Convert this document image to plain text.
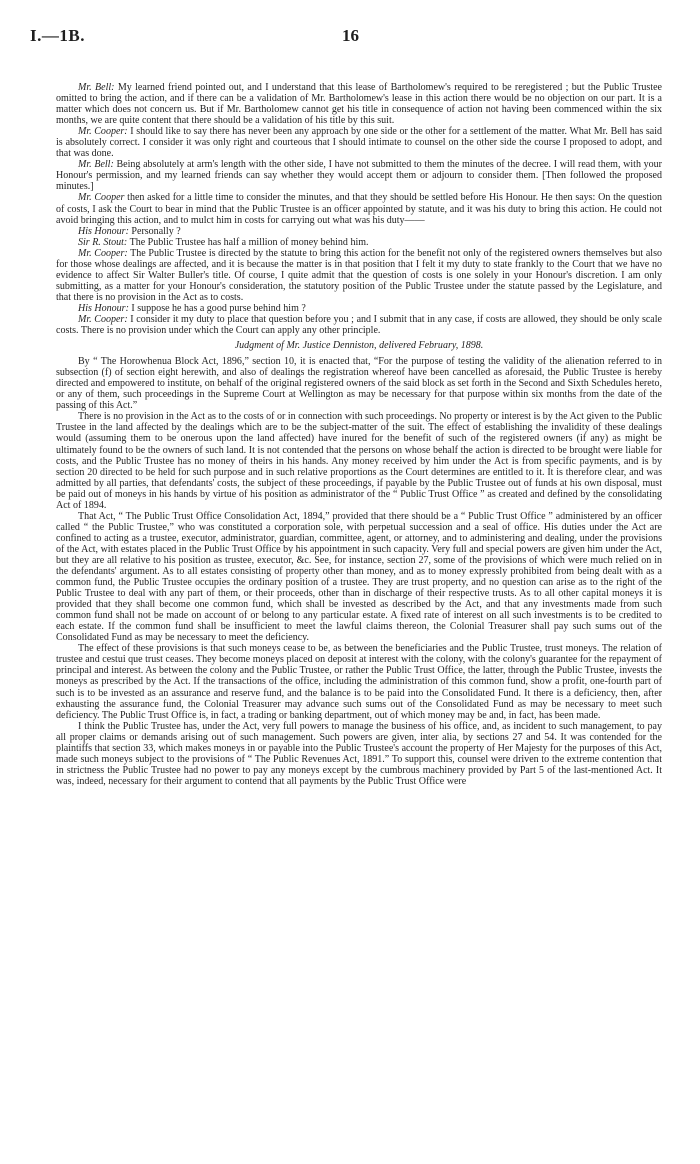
I.—1B.	16

Mr. Bell: My learned friend pointed out, and I understand that this lease of Bartholomew's required to be reregistered ; but the Public Trustee omitted to bring the action, and if there can be a validation of Mr. Bartholomew's lease in this action there would be no objection on our part. It is a matter which does not concern us. But if Mr. Bartholomew cannot get his title in consequence of action not having been commenced within the six months, we are quite content that there should be a validation of his title by this suit.

Mr. Cooper: I should like to say there has never been any approach by one side or the other for a settlement of the matter. What Mr. Bell has said is absolutely correct. I consider it was only right and courteous that I should intimate to counsel on the other side the course I proposed to adopt, and that was done.

Mr. Bell: Being absolutely at arm's length with the other side, I have not submitted to them the minutes of the decree. I will read them, with your Honour's permission, and my learned friends can say whether they would accept them or adjourn to consider them. [Then followed the proposed minutes.]

Mr. Cooper then asked for a little time to consider the minutes, and that they should be settled before His Honour. He then says: On the question of costs, I ask the Court to bear in mind that the Public Trustee is an officer appointed by statute, and it was his duty to bring this action. He could not avoid bringing this action, and to mulct him in costs for carrying out what was his duty——

His Honour: Personally ?

Sir R. Stout: The Public Trustee has half a million of money behind him.

Mr. Cooper: The Public Trustee is directed by the statute to bring this action for the benefit not only of the registered owners themselves but also for those whose dealings are affected, and it is because the matter is in that position that I felt it my duty to state frankly to the Court that we have no evidence to affect Sir Walter Buller's title. Of course, I quite admit that the question of costs is one solely in your Honour's discretion. I am only submitting, as a matter for your Honour's consideration, the statutory position of the Public Trustee under the statute passed by the Legislature, and that there is no provision in the Act as to costs.

His Honour: I suppose he has a good purse behind him ?

Mr. Cooper: I consider it my duty to place that question before you ; and I submit that in any case, if costs are allowed, they should be only scale costs. There is no provision under which the Court can apply any other principle.

Judgment of Mr. Justice Denniston, delivered February, 1898.

By “ The Horowhenua Block Act, 1896,” section 10, it is enacted that, “For the purpose of testing the validity of the alienation referred to in subsection (f) of section eight herewith, and also of dealings the registration whereof have been cancelled as aforesaid, the Public Trustee is hereby directed and empowered to institute, on behalf of the original registered owners of the said block as set forth in the Second and Sixth Schedules hereto, or any of them, such proceedings in the Supreme Court at Wellington as may be necessary for that purpose within six months from the date of the passing of this Act.”

There is no provision in the Act as to the costs of or in connection with such proceedings. No property or interest is by the Act given to the Public Trustee in the land affected by the dealings which are to be the subject-matter of the suit. The effect of establishing the invalidity of these dealings would (assuming them to be onerous upon the land affected) have inured for the benefit of such of the registered owners (if any) as might be ultimately found to be the owners of such land. It is not contended that the persons on whose behalf the action is directed to be brought were liable for costs, and the Public Trustee has no money of theirs in his hands. Any money received by him under the Act is from specific payments, and is by section 20 directed to be held for such purpose and in such relative proportions as the Court determines are entitled to it. It is therefore clear, and was admitted by all parties, that defendants' costs, the subject of these proceedings, if payable by the Public Trustee out of funds at his own disposal, must be paid out of moneys in his hands by virtue of his position as administrator of the “ Public Trust Office ” as created and defined by the consolidating Act of 1894.

That Act, “ The Public Trust Office Consolidation Act, 1894,” provided that there should be a “ Public Trust Office ” administered by an officer called “ the Public Trustee,” who was constituted a corporation sole, with perpetual succession and a seal of office. His duties under the Act are confined to acting as a trustee, executor, administrator, guardian, committee, agent, or attorney, and to administering and dealing, under the provisions of the Act, with estates placed in the Public Trust Office by his appointment in such capacity. Very full and special powers are given him under the Act, but they are all relative to his position as trustee, executor, &c. See, for instance, section 27, some of the provisions of which were much relied on in the defendants' argument. As to all estates consisting of property other than money, and as to money expressly prohibited from being dealt with as a common fund, the Public Trustee occupies the ordinary position of a trustee. They are trust property, and no question can arise as to the right of the Public Trustee to deal with any part of them, or their proceeds, other than in discharge of their respective trusts. As to all other capital moneys it is provided that they shall become one common fund, which shall be invested as described by the Act, and that any investments made from such common fund shall not be made on account of or belong to any particular estate. A fixed rate of interest on all such investments is to be credited to each estate. If the common fund shall be insufficient to meet the lawful claims thereon, the Colonial Treasurer shall pay such sums out of the Consolidated Fund as may be necessary to meet the deficiency.

The effect of these provisions is that such moneys cease to be, as between the beneficiaries and the Public Trustee, trust moneys. The relation of trustee and cestui que trust ceases. They become moneys placed on deposit at interest with the colony, with the colony's guarantee for the repayment of principal and interest. As between the colony and the Public Trustee, or rather the Public Trust Office, the latter, through the Public Trustee, invests the moneys as prescribed by the Act. If the transactions of the office, including the administration of this common fund, show a profit, one-fourth part of such is to be invested as an assurance and reserve fund, and the balance is to be paid into the Consolidated Fund. It there is a deficiency, then, after exhausting the assurance fund, the Colonial Treasurer may advance such sums out of the Consolidated Fund as may be necessary to meet such deficiency. The Public Trust Office is, in fact, a trading or banking department, out of which money may be and, in fact, has been made.

I think the Public Trustee has, under the Act, very full powers to manage the business of his office, and, as incident to such management, to pay all proper claims or demands arising out of such management. Such powers are given, inter alia, by sections 27 and 54. It was contended for the plaintiffs that section 33, which makes moneys in or payable into the Public Trustee's account the property of Her Majesty for the purposes of this Act, made such moneys subject to the provisions of “ The Public Revenues Act, 1891.” To support this, counsel were driven to the extreme contention that in strictness the Public Trustee had no power to pay any moneys except by the cumbrous machinery provided by Part 5 of the last-mentioned Act. It was, indeed, necessary for their argument to contend that all payments by the Public Trust Office were
